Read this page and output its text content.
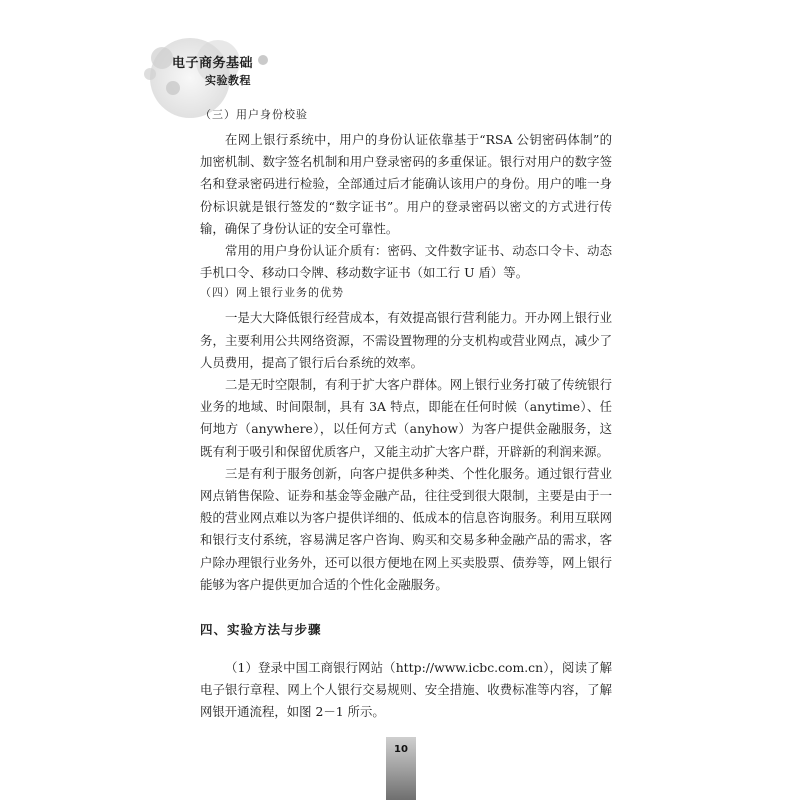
电子商务基础
实验教程
（三）用户身份校验

在网上银行系统中，用户的身份认证依靠基于“RSA 公钥密码体制”的加密机制、数字签名机制和用户登录密码的多重保证。银行对用户的数字签名和登录密码进行检验，全部通过后才能确认该用户的身份。用户的唯一身份标识就是银行签发的“数字证书”。用户的登录密码以密文的方式进行传输，确保了身份认证的安全可靠性。

常用的用户身份认证介质有：密码、文件数字证书、动态口令卡、动态手机口令、移动口令牌、移动数字证书（如工行 U 盾）等。

（四）网上银行业务的优势

一是大大降低银行经营成本，有效提高银行营利能力。开办网上银行业务，主要利用公共网络资源，不需设置物理的分支机构或营业网点，减少了人员费用，提高了银行后台系统的效率。

二是无时空限制，有利于扩大客户群体。网上银行业务打破了传统银行业务的地域、时间限制，具有 3A 特点，即能在任何时候（anytime）、任何地方（anywhere），以任何方式（anyhow）为客户提供金融服务，这既有利于吸引和保留优质客户，又能主动扩大客户群，开辟新的利润来源。

三是有利于服务创新，向客户提供多种类、个性化服务。通过银行营业网点销售保险、证券和基金等金融产品，往往受到很大限制，主要是由于一般的营业网点难以为客户提供详细的、低成本的信息咨询服务。利用互联网和银行支付系统，容易满足客户咨询、购买和交易多种金融产品的需求，客户除办理银行业务外，还可以很方便地在网上买卖股票、债券等，网上银行能够为客户提供更加合适的个性化金融服务。

四、实验方法与步骤

（1）登录中国工商银行网站（http://www.icbc.com.cn），阅读了解电子银行章程、网上个人银行交易规则、安全措施、收费标准等内容，了解网银开通流程，如图 2－1 所示。

10
